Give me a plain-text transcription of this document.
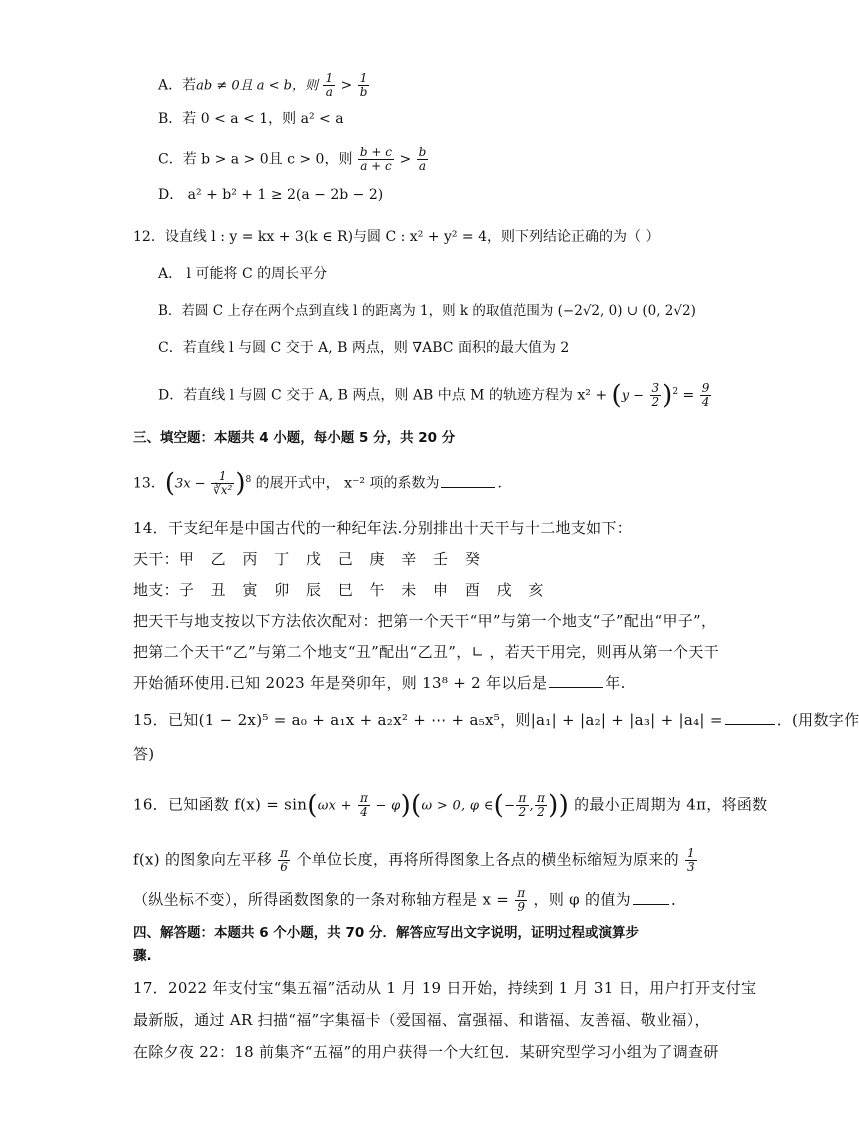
A．若ab ≠ 0且 a < b，则 $\frac{1}{a} > \frac{1}{b}$
B．若 0 < a < 1，则 a² < a
C．若 b > a > 0且 c > 0，则 $\frac{b + c}{a + c} > \frac{b}{a}$
D． a² + b² + 1 ≥ 2(a − 2b − 2)
12．设直线 l : y = kx + 3(k ∈ R)与圆 C : x² + y² = 4，则下列结论正确的为（ ）
A． l 可能将 C 的周长平分
B．若圆 C 上存在两个点到直线 l 的距离为 1，则 k 的取值范围为 (−2√2, 0) ∪ (0, 2√2)
C．若直线 l 与圆 C 交于 A, B 两点，则 ∇ABC 面积的最大值为 2
D．若直线 l 与圆 C 交于 A, B 两点，则 AB 中点 M 的轨迹方程为 $x^2 + (y - \frac{3}{2} )^2 = \frac{9}{4}$
三、填空题：本题共 4 小题，每小题 5 分，共 20 分
13．$(3x - \frac{1}{\text{∛x²}} )^8$ 的展开式中， x⁻² 项的系数为	．
14．干支纪年是中国古代的一种纪年法.分别排出十天干与十二地支如下：
天干：甲 乙 丙 丁 戊 己 庚 辛 壬 癸
地支：子 丑 寅 卯 辰 巳 午 未 申 酉 戌 亥
把天干与地支按以下方法依次配对：把第一个天干“甲”与第一个地支“子”配出“甲子”，
把第二个天干“乙”与第二个地支“丑”配出“乙丑”，∟ ，若天干用完，则再从第一个天干
开始循环使用.已知 2023 年是癸卯年，则 13⁸ + 2 年以后是	年.
15．已知(1 − 2x)⁵ = a₀ + a₁x + a₂x² + ⋯ + a₅x⁵，则|a₁| + |a₂| + |a₃| + |a₄| =	．(用数字作
答)
16．已知函数 $f(x) = \sin(\omega x + \frac{\pi}{4} - \varphi)(\omega > 0$, φ ∈(− $\frac{\pi}{2}$ , $\frac{\pi}{2}$ )) 的最小正周期为 4π，将函数
f(x) 的图象向左平移 $\frac{\pi}{6}$ 个单位长度，再将所得图象上各点的横坐标缩短为原来的 $\frac{1}{3}$
（纵坐标不变），所得函数图象的一条对称轴方程是 $x = \frac{\pi}{9}$ ，则 φ 的值为	．
四、解答题：本题共 6 个小题，共 70 分．解答应写出文字说明，证明过程或演算步
骤.
17．2022 年支付宝“集五福”活动从 1 月 19 日开始，持续到 1 月 31 日，用户打开支付宝
最新版，通过 AR 扫描“福”字集福卡（爱国福、富强福、和谐福、友善福、敬业福），
在除夕夜 22：18 前集齐“五福”的用户获得一个大红包．某研究型学习小组为了调查研
